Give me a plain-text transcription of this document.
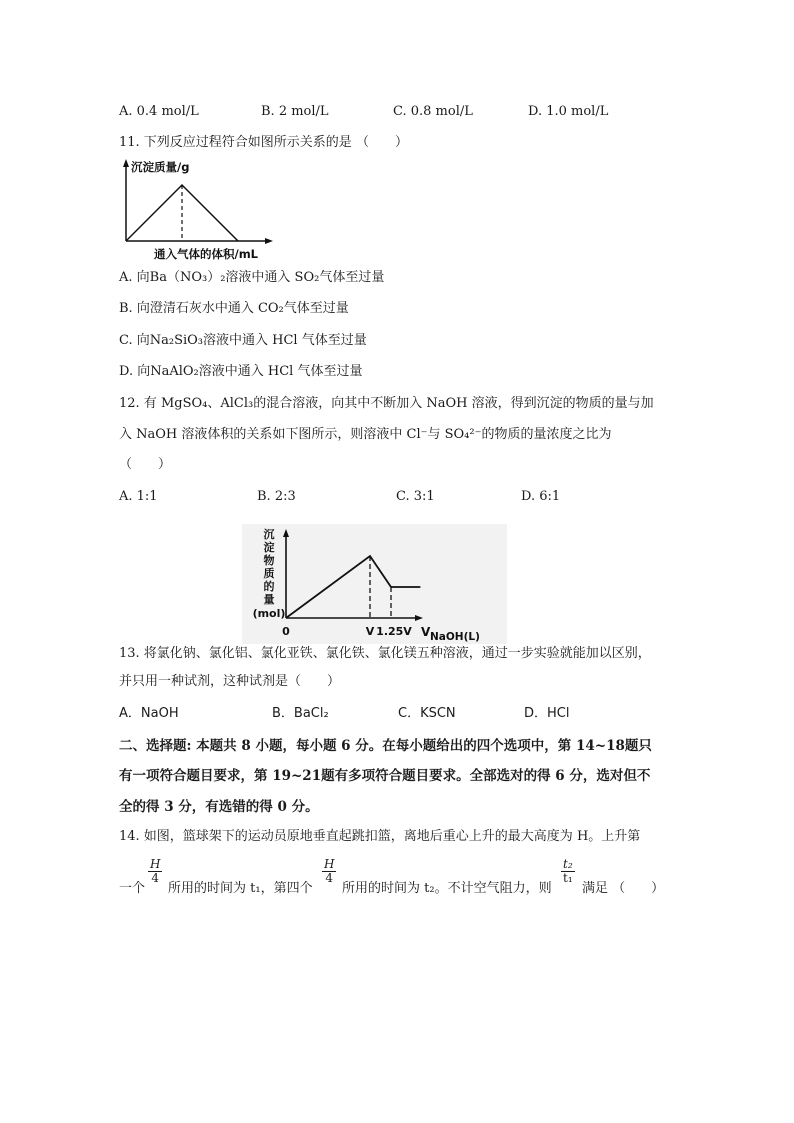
A. 0.4 mol/L	B. 2 mol/L	C. 0.8 mol/L	D. 1.0 mol/L
11. 下列反应过程符合如图所示关系的是 （　　）
沉淀质量/g
通入气体的体积/mL
A. 向Ba（NO₃）₂溶液中通入 SO₂气体至过量
B. 向澄清石灰水中通入 CO₂气体至过量
C. 向Na₂SiO₃溶液中通入 HCl 气体至过量
D. 向NaAlO₂溶液中通入 HCl 气体至过量
12. 有 MgSO₄、AlCl₃的混合溶液，向其中不断加入 NaOH 溶液，得到沉淀的物质的量与加
入 NaOH 溶液体积的关系如下图所示，则溶液中 Cl⁻与 SO₄²⁻的物质的量浓度之比为
（　　）
A. 1:1	B. 2:3	C. 3:1	D. 6:1
沉
淀
物
质
的
量
(mol)
0	V 1.25V V NaOH(L)
13. 将氯化钠、氯化铝、氯化亚铁、氯化铁、氯化镁五种溶液，通过一步实验就能加以区别，
并只用一种试剂，这种试剂是（　　）
A．NaOH	B．BaCl₂	C．KSCN	D．HCl
二、选择题: 本题共 8 小题，每小题 6 分。在每小题给出的四个选项中，第 14~18题只
有一项符合题目要求，第 19~21题有多项符合题目要求。全部选对的得 6 分，选对但不
全的得 3 分，有选错的得 0 分。
14. 如图，篮球架下的运动员原地垂直起跳扣篮，离地后重心上升的最大高度为 H。上升第
一个
$\frac{H}{4}$
所用的时间为 t₁，第四个
$\frac{H}{4}$
所用的时间为 t₂。不计空气阻力，则
$\frac{\text{t₂}}{\text{t₁}}$
满足 （　　）
